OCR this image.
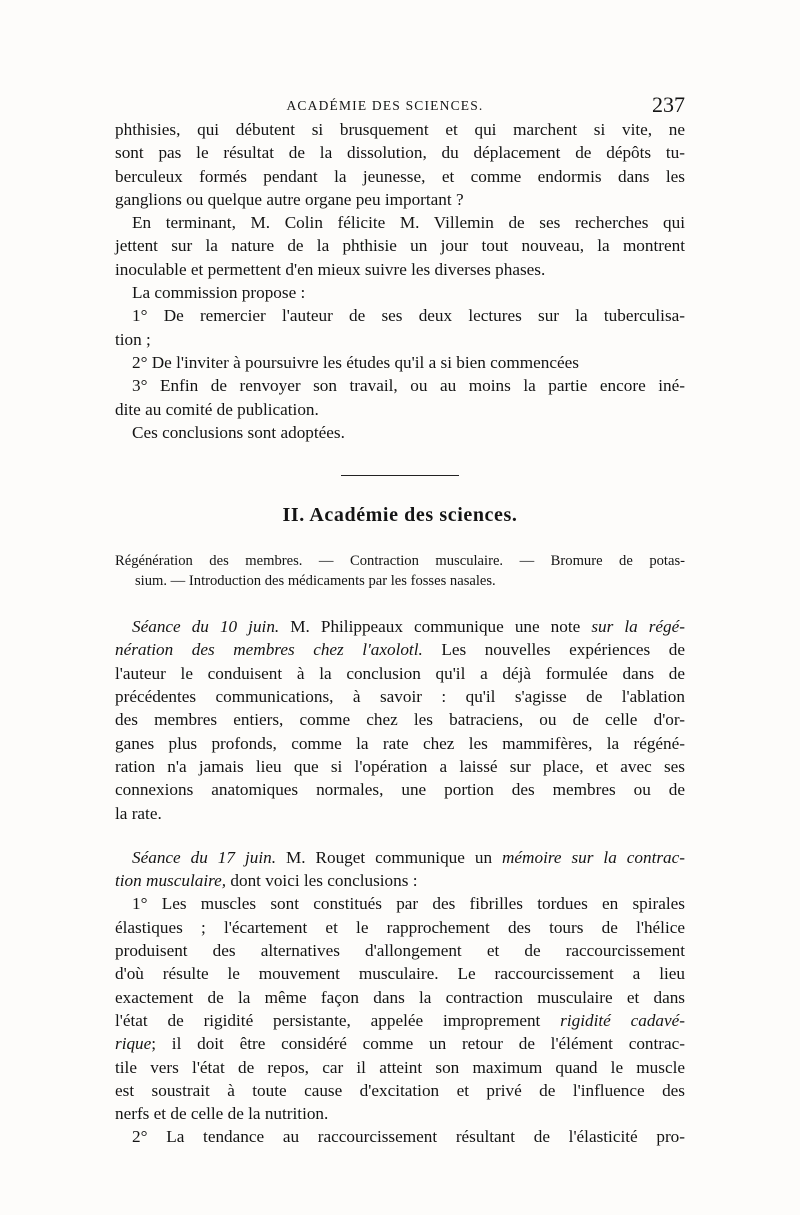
ACADÉMIE DES SCIENCES.	237

phthisies, qui débutent si brusquement et qui marchent si vite, ne
sont pas le résultat de la dissolution, du déplacement de dépôts tu-
berculeux formés pendant la jeunesse, et comme endormis dans les
ganglions ou quelque autre organe peu important ?

En terminant, M. Colin félicite M. Villemin de ses recherches qui

jettent sur la nature de la phthisie un jour tout nouveau, la montrent
inoculable et permettent d'en mieux suivre les diverses phases.

La commission propose :

1° De remercier l'auteur de ses deux lectures sur la tuberculisa-

tion ;

2° De l'inviter à poursuivre les études qu'il a si bien commencées

3° Enfin de renvoyer son travail, ou au moins la partie encore iné-

dite au comité de publication.

Ces conclusions sont adoptées.

II. Académie des sciences.
Régénération des membres. — Contraction musculaire. — Bromure de potas-
sium. — Introduction des médicaments par les fosses nasales.

Séance du 10 juin. M. Philippeaux communique une note sur la régé-
nération des membres chez l'axolotl. Les nouvelles expériences de
l'auteur le conduisent à la conclusion qu'il a déjà formulée dans de
précédentes communications, à savoir : qu'il s'agisse de l'ablation
des membres entiers, comme chez les batraciens, ou de celle d'or-
ganes plus profonds, comme la rate chez les mammifères, la régéné-
ration n'a jamais lieu que si l'opération a laissé sur place, et avec ses
connexions anatomiques normales, une portion des membres ou de
la rate.

Séance du 17 juin. M. Rouget communique un mémoire sur la contrac-
tion musculaire, dont voici les conclusions :

1° Les muscles sont constitués par des fibrilles tordues en spirales
élastiques ; l'écartement et le rapprochement des tours de l'hélice
produisent des alternatives d'allongement et de raccourcissement
d'où résulte le mouvement musculaire. Le raccourcissement a lieu
exactement de la même façon dans la contraction musculaire et dans
l'état de rigidité persistante, appelée improprement rigidité cadavé-
rique; il doit être considéré comme un retour de l'élément contrac-
tile vers l'état de repos, car il atteint son maximum quand le muscle
est soustrait à toute cause d'excitation et privé de l'influence des
nerfs et de celle de la nutrition.

2° La tendance au raccourcissement résultant de l'élasticité pro-
